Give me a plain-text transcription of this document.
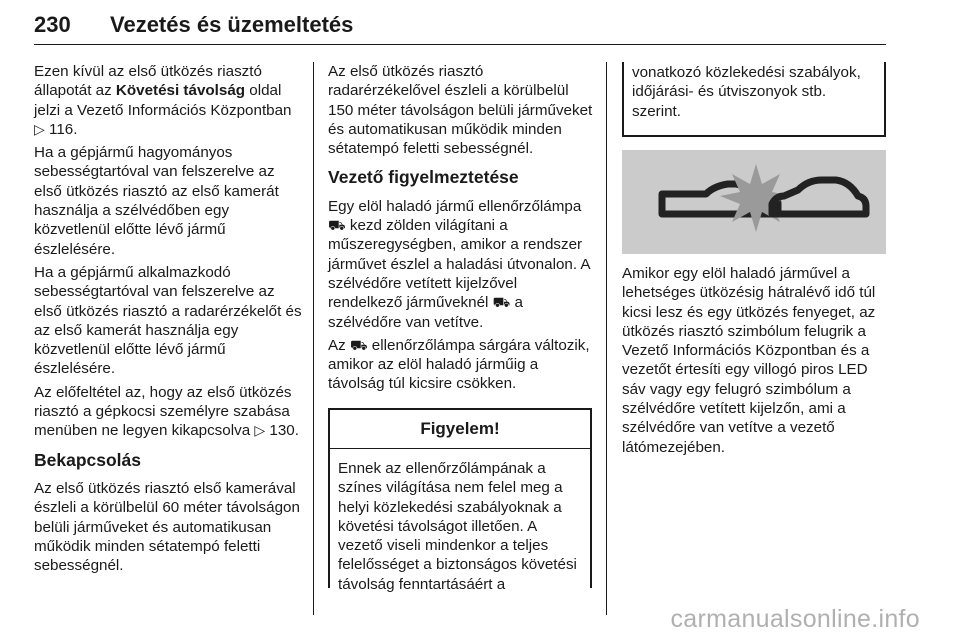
230 Vezetés és üzemeltetés

Ezen kívül az első ütközés riasztó állapotát az Követési távolság oldal jelzi a Vezető Információs Központban ▷ 116.

Ha a gépjármű hagyományos sebességtartóval van felszerelve az első ütközés riasztó az első kamerát használja a szélvédőben egy közvetlenül előtte lévő jármű észlelésére.

Ha a gépjármű alkalmazkodó sebességtartóval van felszerelve az első ütközés riasztó a radarérzékelőt és az első kamerát használja egy közvetlenül előtte lévő jármű észlelésére.

Az előfeltétel az, hogy az első ütközés riasztó a gépkocsi személyre szabása menüben ne legyen kikapcsolva ▷ 130.

Bekapcsolás

Az első ütközés riasztó első kamerával észleli a körülbelül 60 méter távolságon belüli járműveket és automatikusan működik minden sétatempó feletti sebességnél.

Az első ütközés riasztó radarérzékelővel észleli a körülbelül 150 méter távolságon belüli járműveket és automatikusan működik minden sétatempó feletti sebességnél.

Vezető figyelmeztetése

Egy elöl haladó jármű ellenőrzőlámpa ⛟ kezd zölden világítani a műszeregységben, amikor a rendszer járművet észlel a haladási útvonalon. A szélvédőre vetített kijelzővel rendelkező járműveknél ⛟ a szélvédőre van vetítve.

Az ⛟ ellenőrzőlámpa sárgára változik, amikor az elöl haladó járműig a távolság túl kicsire csökken.

Figyelem!
Ennek az ellenőrzőlámpának a színes világítása nem felel meg a helyi közlekedési szabályoknak a követési távolságot illetően. A vezető viseli mindenkor a teljes felelősséget a biztonságos követési távolság fenntartásáért a
vonatkozó közlekedési szabályok, időjárási- és útviszonyok stb. szerint.

Amikor egy elöl haladó járművel a lehetséges ütközésig hátralévő idő túl kicsi lesz és egy ütközés fenyeget, az ütközés riasztó szimbólum felugrik a Vezető Információs Központban és a vezetőt értesíti egy villogó piros LED sáv vagy egy felugró szimbólum a szélvédőre vetített kijelzőn, ami a szélvédőre van vetítve a vezető látómezejében.

carmanualsonline.info
